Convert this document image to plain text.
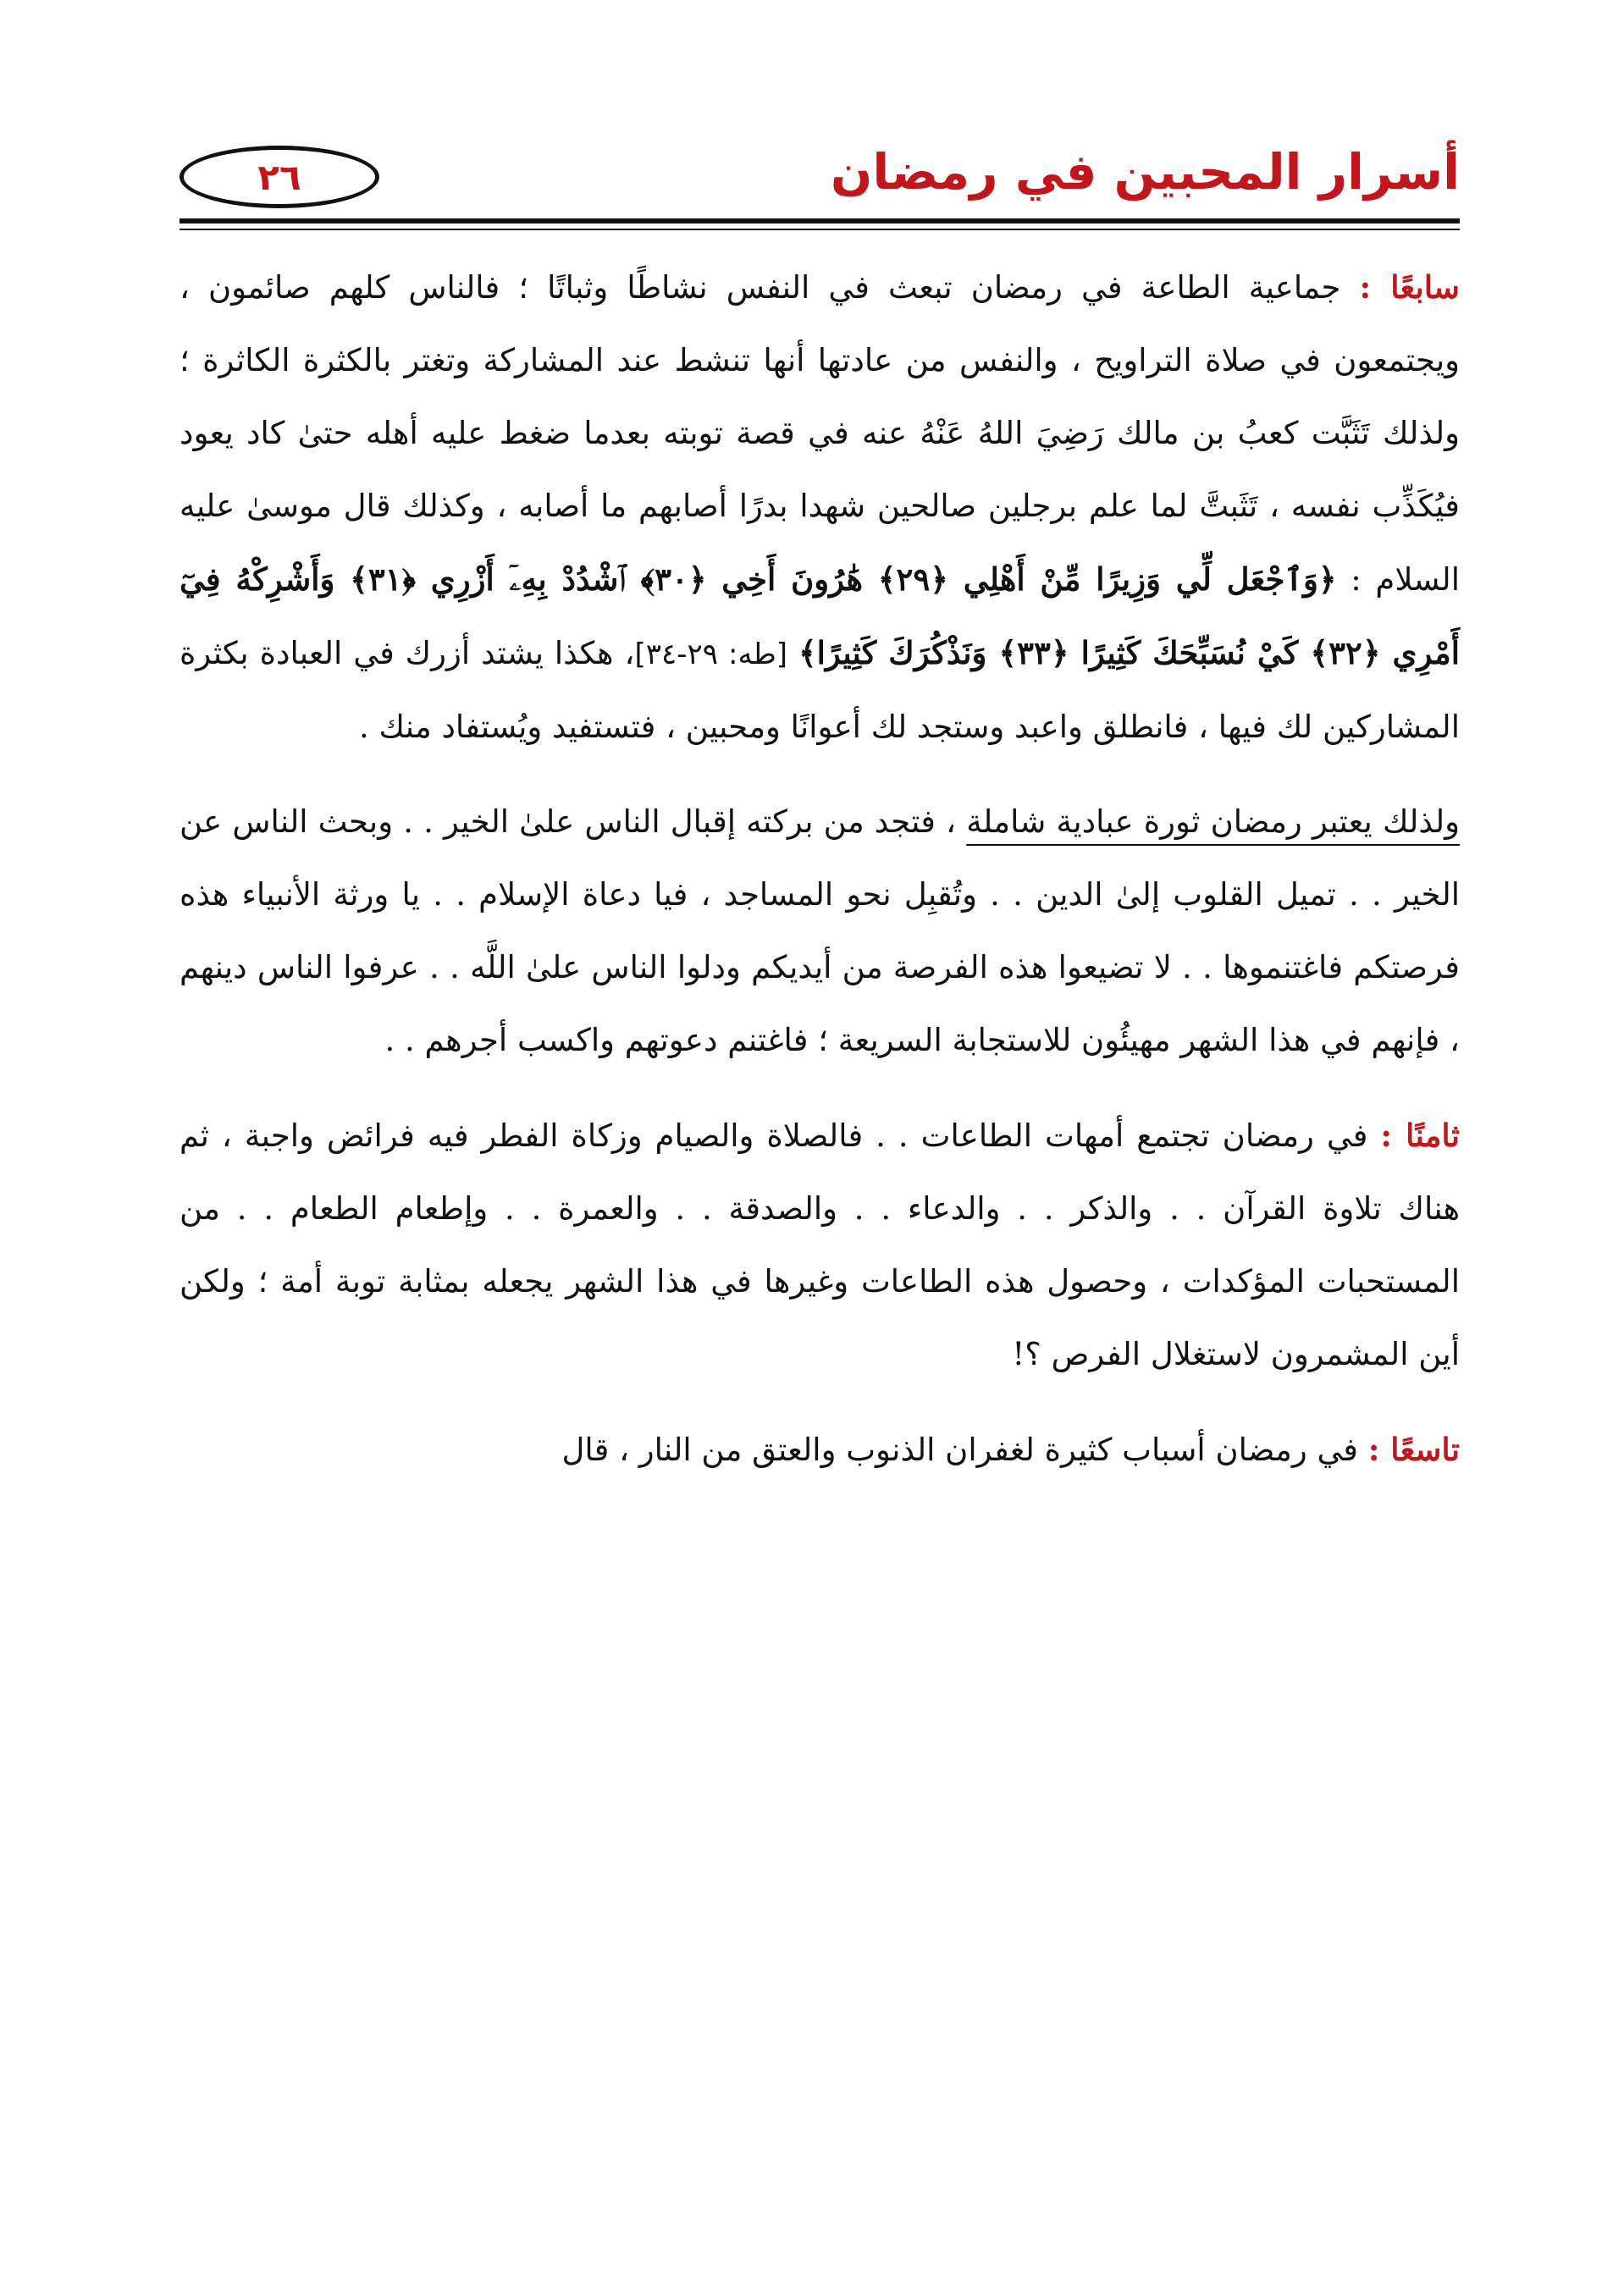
أسرار المحبين في رمضان
٢٦

سابعًا : جماعية الطاعة في رمضان تبعث في النفس نشاطًا وثباتًا ؛ فالناس كلهم صائمون ، ويجتمعون في صلاة التراويح ، والنفس من عادتها أنها تنشط عند المشاركة وتغتر بالكثرة الكاثرة ؛ ولذلك تَثَبَّت كعبُ بن مالك رَضِيَ اللهُ عَنْهُ عنه في قصة توبته بعدما ضغط عليه أهله حتىٰ كاد يعود فيُكَذِّب نفسه ، تَثَبتَّ لما علم برجلين صالحين شهدا بدرًا أصابهم ما أصابه ، وكذلك قال موسىٰ عليه السلام : ﴿وَٱجْعَل لِّي وَزِيرًا مِّنْ أَهْلِي ﴿٢٩﴾ هَٰرُونَ أَخِي ﴿٣٠﴾ ٱشْدُدْ بِهِۦٓ أَزْرِي ﴿٣١﴾ وَأَشْرِكْهُ فِيٓ أَمْرِي ﴿٣٢﴾ كَيْ نُسَبِّحَكَ كَثِيرًا ﴿٣٣﴾ وَنَذْكُرَكَ كَثِيرًا﴾ [طه: ٢٩-٣٤]، هكذا يشتد أزرك في العبادة بكثرة المشاركين لك فيها ، فانطلق واعبد وستجد لك أعوانًا ومحبين ، فتستفيد ويُستفاد منك .

ولذلك يعتبر رمضان ثورة عبادية شاملة ، فتجد من بركته إقبال الناس علىٰ الخير . . وبحث الناس عن الخير . . تميل القلوب إلىٰ الدين . . وتُقبِل نحو المساجد ، فيا دعاة الإسلام . . يا ورثة الأنبياء هذه فرصتكم فاغتنموها . . لا تضيعوا هذه الفرصة من أيديكم ودلوا الناس علىٰ اللَّه . . عرفوا الناس دينهم ، فإنهم في هذا الشهر مهيئُون للاستجابة السريعة ؛ فاغتنم دعوتهم واكسب أجرهم . .

ثامنًا : في رمضان تجتمع أمهات الطاعات . . فالصلاة والصيام وزكاة الفطر فيه فرائض واجبة ، ثم هناك تلاوة القرآن . . والذكر . . والدعاء . . والصدقة . . والعمرة . . وإطعام الطعام . . من المستحبات المؤكدات ، وحصول هذه الطاعات وغيرها في هذا الشهر يجعله بمثابة توبة أمة ؛ ولكن أين المشمرون لاستغلال الفرص ؟!

تاسعًا : في رمضان أسباب كثيرة لغفران الذنوب والعتق من النار ، قال
